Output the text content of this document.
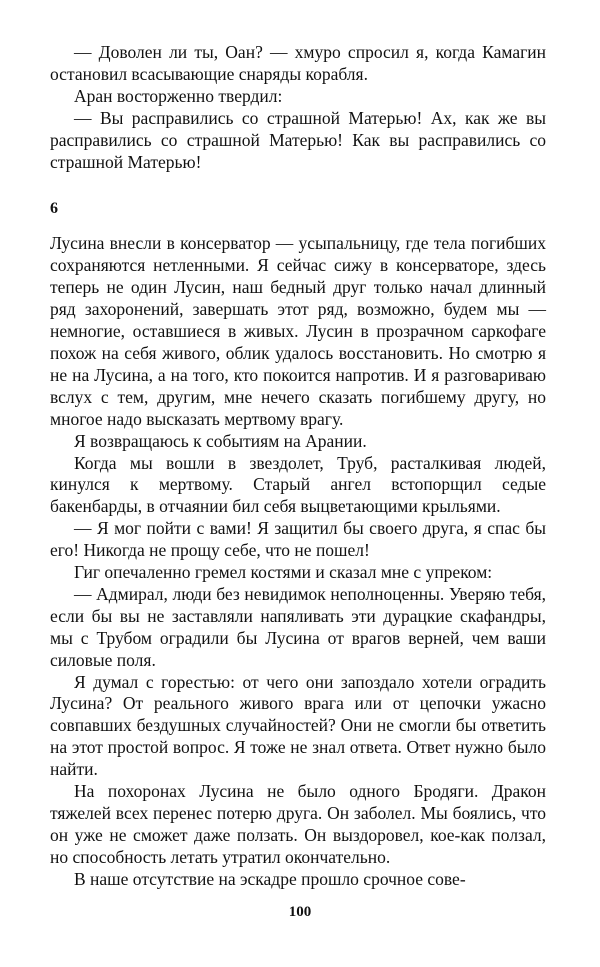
— Доволен ли ты, Оан? — хмуро спросил я, когда Камагин остановил всасывающие снаряды корабля.

Аран восторженно твердил:

— Вы расправились со страшной Матерью! Ах, как же вы расправились со страшной Матерью! Как вы расправились со страшной Матерью!

6

Лусина внесли в консерватор — усыпальницу, где тела погибших сохраняются нетленными. Я сейчас сижу в консерваторе, здесь теперь не один Лусин, наш бедный друг только начал длинный ряд захоронений, завершать этот ряд, возможно, будем мы — немногие, оставшиеся в живых. Лусин в прозрачном саркофаге похож на себя живого, облик удалось восстановить. Но смотрю я не на Лусина, а на того, кто покоится напротив. И я разговариваю вслух с тем, другим, мне нечего сказать погибшему другу, но многое надо высказать мертвому врагу.

Я возвращаюсь к событиям на Арании.

Когда мы вошли в звездолет, Труб, расталкивая людей, кинулся к мертвому. Старый ангел встопорщил седые бакенбарды, в отчаянии бил себя выцветающими крыльями.

— Я мог пойти с вами! Я защитил бы своего друга, я спас бы его! Никогда не прощу себе, что не пошел!

Гиг опечаленно гремел костями и сказал мне с упреком:

— Адмирал, люди без невидимок неполноценны. Уверяю тебя, если бы вы не заставляли напяливать эти дурацкие скафандры, мы с Трубом оградили бы Лусина от врагов верней, чем ваши силовые поля.

Я думал с горестью: от чего они запоздало хотели оградить Лусина? От реального живого врага или от цепочки ужасно совпавших бездушных случайностей? Они не смогли бы ответить на этот простой вопрос. Я тоже не знал ответа. Ответ нужно было найти.

На похоронах Лусина не было одного Бродяги. Дракон тяжелей всех перенес потерю друга. Он заболел. Мы боялись, что он уже не сможет даже ползать. Он выздоровел, кое-как ползал, но способность летать утратил окончательно.

В наше отсутствие на эскадре прошло срочное сове-

100
